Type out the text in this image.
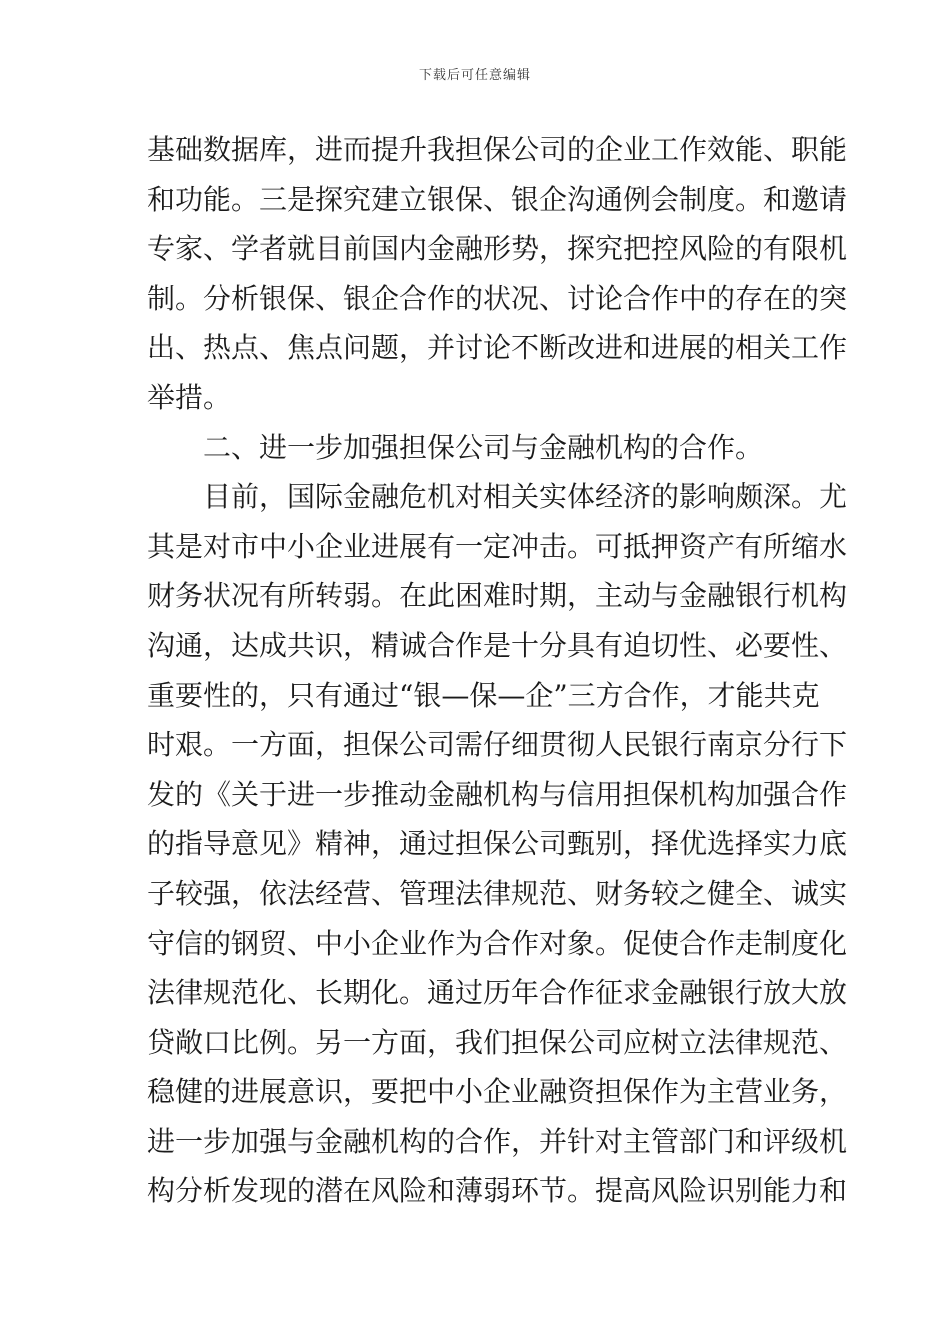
下载后可任意编辑
基础数据库，进而提升我担保公司的企业工作效能、职能
和功能。三是探究建立银保、银企沟通例会制度。和邀请
专家、学者就目前国内金融形势，探究把控风险的有限机
制。分析银保、银企合作的状况、讨论合作中的存在的突
出、热点、焦点问题，并讨论不断改进和进展的相关工作
举措。
二、进一步加强担保公司与金融机构的合作。
目前，国际金融危机对相关实体经济的影响颇深。尤
其是对市中小企业进展有一定冲击。可抵押资产有所缩水
财务状况有所转弱。在此困难时期，主动与金融银行机构
沟通，达成共识，精诚合作是十分具有迫切性、必要性、
重要性的，只有通过“银—保—企”三方合作，才能共克
时艰。一方面，担保公司需仔细贯彻人民银行南京分行下
发的《关于进一步推动金融机构与信用担保机构加强合作
的指导意见》精神，通过担保公司甄别，择优选择实力底
子较强，依法经营、管理法律规范、财务较之健全、诚实
守信的钢贸、中小企业作为合作对象。促使合作走制度化
法律规范化、长期化。通过历年合作征求金融银行放大放
贷敞口比例。另一方面，我们担保公司应树立法律规范、
稳健的进展意识，要把中小企业融资担保作为主营业务，
进一步加强与金融机构的合作，并针对主管部门和评级机
构分析发现的潜在风险和薄弱环节。提高风险识别能力和
